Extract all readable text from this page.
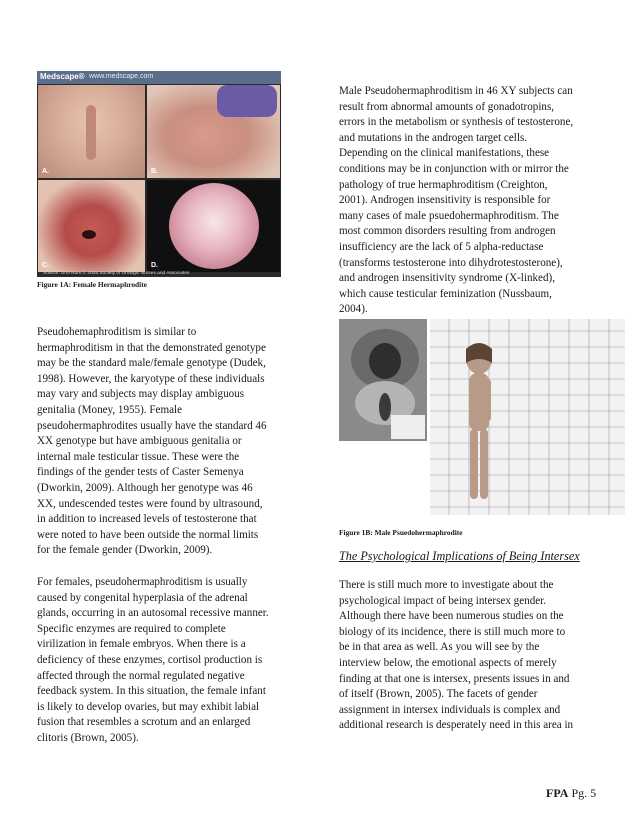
Medscape® www.medscape.com
A.	B.
C.	D.
Source: Urol Nurs © 2005 Society of Urologic Nurses and Associates
Figure 1A: Female Hermaphrodite

Male Pseudohermaphroditism in 46 XY subjects can
result from abnormal amounts of gonadotropins,
errors in the metabolism or synthesis of testosterone,
and mutations in the androgen target cells.
Depending on the clinical manifestations, these
conditions may be in conjunction with or mirror the
pathology of true hermaphroditism (Creighton,
2001). Androgen insensitivity is responsible for
many cases of male psuedohermaphroditism. The
most common disorders resulting from androgen
insufficiency are the lack of 5 alpha-reductase
(transforms testosterone into dihydrotestosterone),
and androgen insensitivity syndrome (X-linked),
which cause testicular feminization (Nussbaum,
2004).

Pseudohemaphroditism is similar to
hermaphroditism in that the demonstrated genotype
may be the standard male/female genotype (Dudek,
1998). However, the karyotype of these individuals
may vary and subjects may display ambiguous
genitalia (Money, 1955). Female
pseudohermaphrodites usually have the standard 46
XX genotype but have ambiguous genitalia or
internal male testicular tissue. These were the
findings of the gender tests of Caster Semenya
(Dworkin, 2009). Although her genotype was 46
XX, undescended testes were found by ultrasound,
in addition to increased levels of testosterone that
were noted to have been outside the normal limits
for the female gender (Dworkin, 2009).

Figure 1B: Male Psuedohermaphrodite
The Psychological Implications of Being Intersex

For females, pseudohermaphroditism is usually
caused by congenital hyperplasia of the adrenal
glands, occurring in an autosomal recessive manner.
Specific enzymes are required to complete
virilization in female embryos. When there is a
deficiency of these enzymes, cortisol production is
affected through the normal regulated negative
feedback system. In this situation, the female infant
is likely to develop ovaries, but may exhibit labial
fusion that resembles a scrotum and an enlarged
clitoris (Brown, 2005).

There is still much more to investigate about the
psychological impact of being intersex gender.
Although there have been numerous studies on the
biology of its incidence, there is still much more to
be in that area as well. As you will see by the
interview below, the emotional aspects of merely
finding at that one is intersex, presents issues in and
of itself (Brown, 2005). The facets of gender
assignment in intersex individuals is complex and
additional research is desperately need in this area in

FPA Pg. 5
